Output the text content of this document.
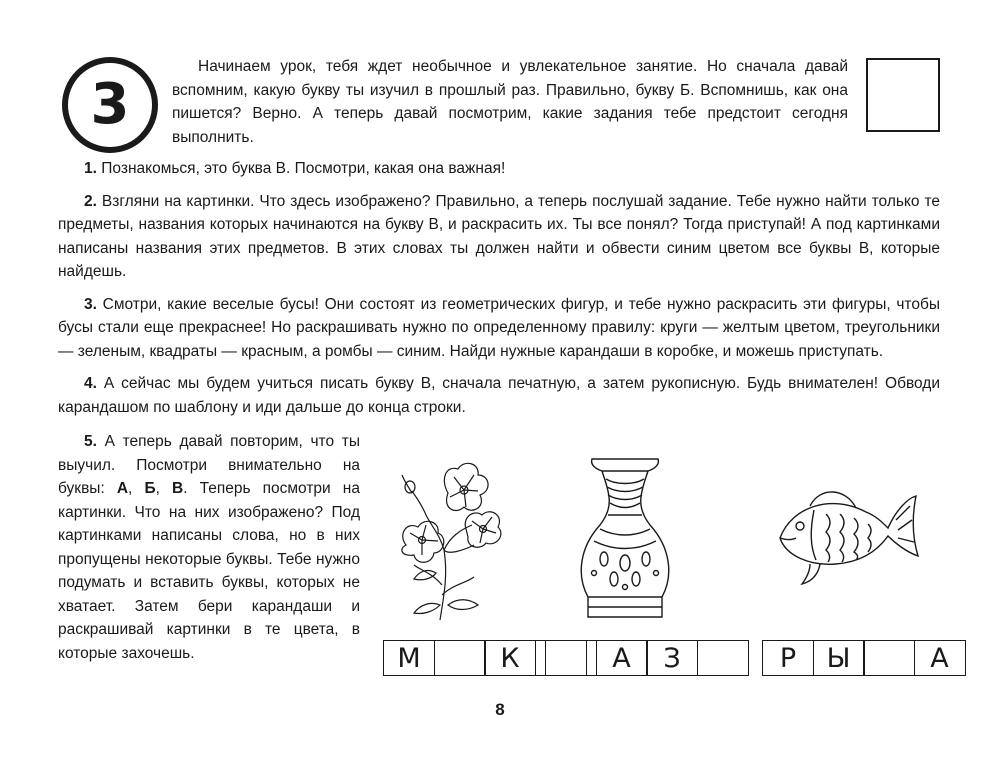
3

Начинаем урок, тебя ждет необычное и увлекательное занятие. Но сначала давай вспомним, какую букву ты изучил в прошлый раз. Правильно, букву Б. Вспомнишь, как она пишется? Верно. А теперь давай посмотрим, какие задания тебе предстоит сегодня выполнить.

1. Познакомься, это буква В. Посмотри, какая она важная!

2. Взгляни на картинки. Что здесь изображено? Правильно, а теперь послушай задание. Тебе нужно найти только те предметы, названия которых начинаются на букву В, и раскрасить их. Ты все понял? Тогда приступай! А под картинками написаны названия этих предметов. В этих словах ты должен найти и обвести синим цветом все буквы В, которые найдешь.

3. Смотри, какие веселые бусы! Они состоят из геометрических фигур, и тебе нужно раскрасить эти фигуры, чтобы бусы стали еще прекраснее! Но раскрашивать нужно по определенному правилу: круги — желтым цветом, треугольники — зеленым, квадраты — красным, а ромбы — синим. Найди нужные карандаши в коробке, и можешь приступать.

4. А сейчас мы будем учиться писать букву В, сначала печатную, а затем рукописную. Будь внимателен! Обводи карандашом по шаблону и иди дальше до конца строки.

5. А теперь давай повторим, что ты выучил. Посмотри внимательно на буквы: А, Б, В. Теперь посмотри на картинки. Что на них изображено? Под картинками написаны слова, но в них пропущены некоторые буквы. Тебе нужно подумать и вставить буквы, которых не хватает. Затем бери карандаши и раскрашивай картинки в те цвета, в которые захочешь.	М	К	А	З	Р	Ы	А
8
